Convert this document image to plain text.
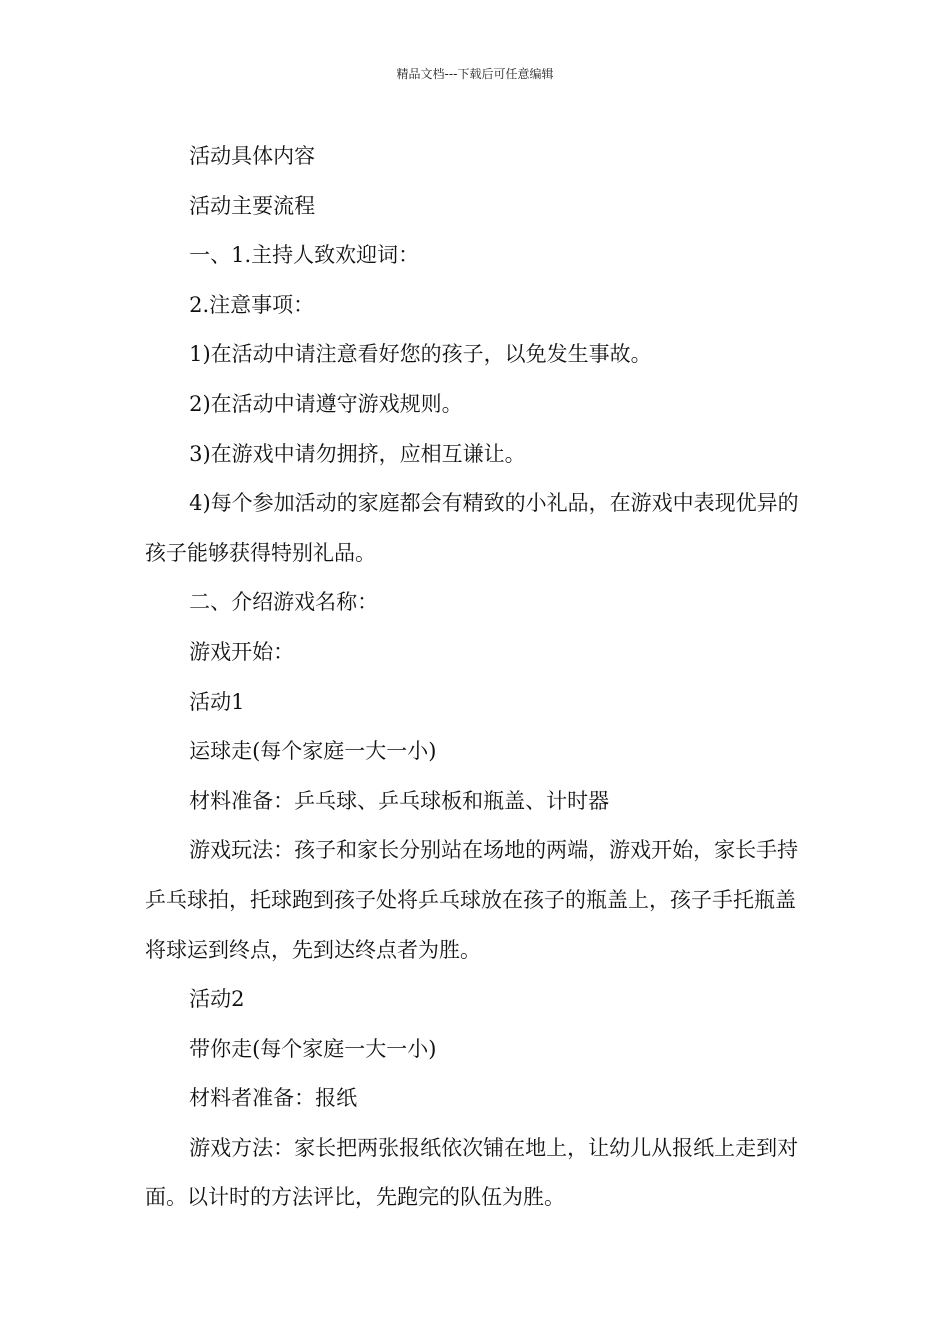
精品文档---下载后可任意编辑

活动具体内容

活动主要流程

一、1.主持人致欢迎词：

2.注意事项：

1)在活动中请注意看好您的孩子，以免发生事故。

2)在活动中请遵守游戏规则。

3)在游戏中请勿拥挤，应相互谦让。

4)每个参加活动的家庭都会有精致的小礼品，在游戏中表现优异的孩子能够获得特别礼品。

二、介绍游戏名称：

游戏开始：

活动1

运球走(每个家庭一大一小)

材料准备：乒乓球、乒乓球板和瓶盖、计时器

游戏玩法：孩子和家长分别站在场地的两端，游戏开始，家长手持乒乓球拍，托球跑到孩子处将乒乓球放在孩子的瓶盖上，孩子手托瓶盖将球运到终点，先到达终点者为胜。

活动2

带你走(每个家庭一大一小)

材料者准备：报纸

游戏方法：家长把两张报纸依次铺在地上，让幼儿从报纸上走到对面。以计时的方法评比，先跑完的队伍为胜。
